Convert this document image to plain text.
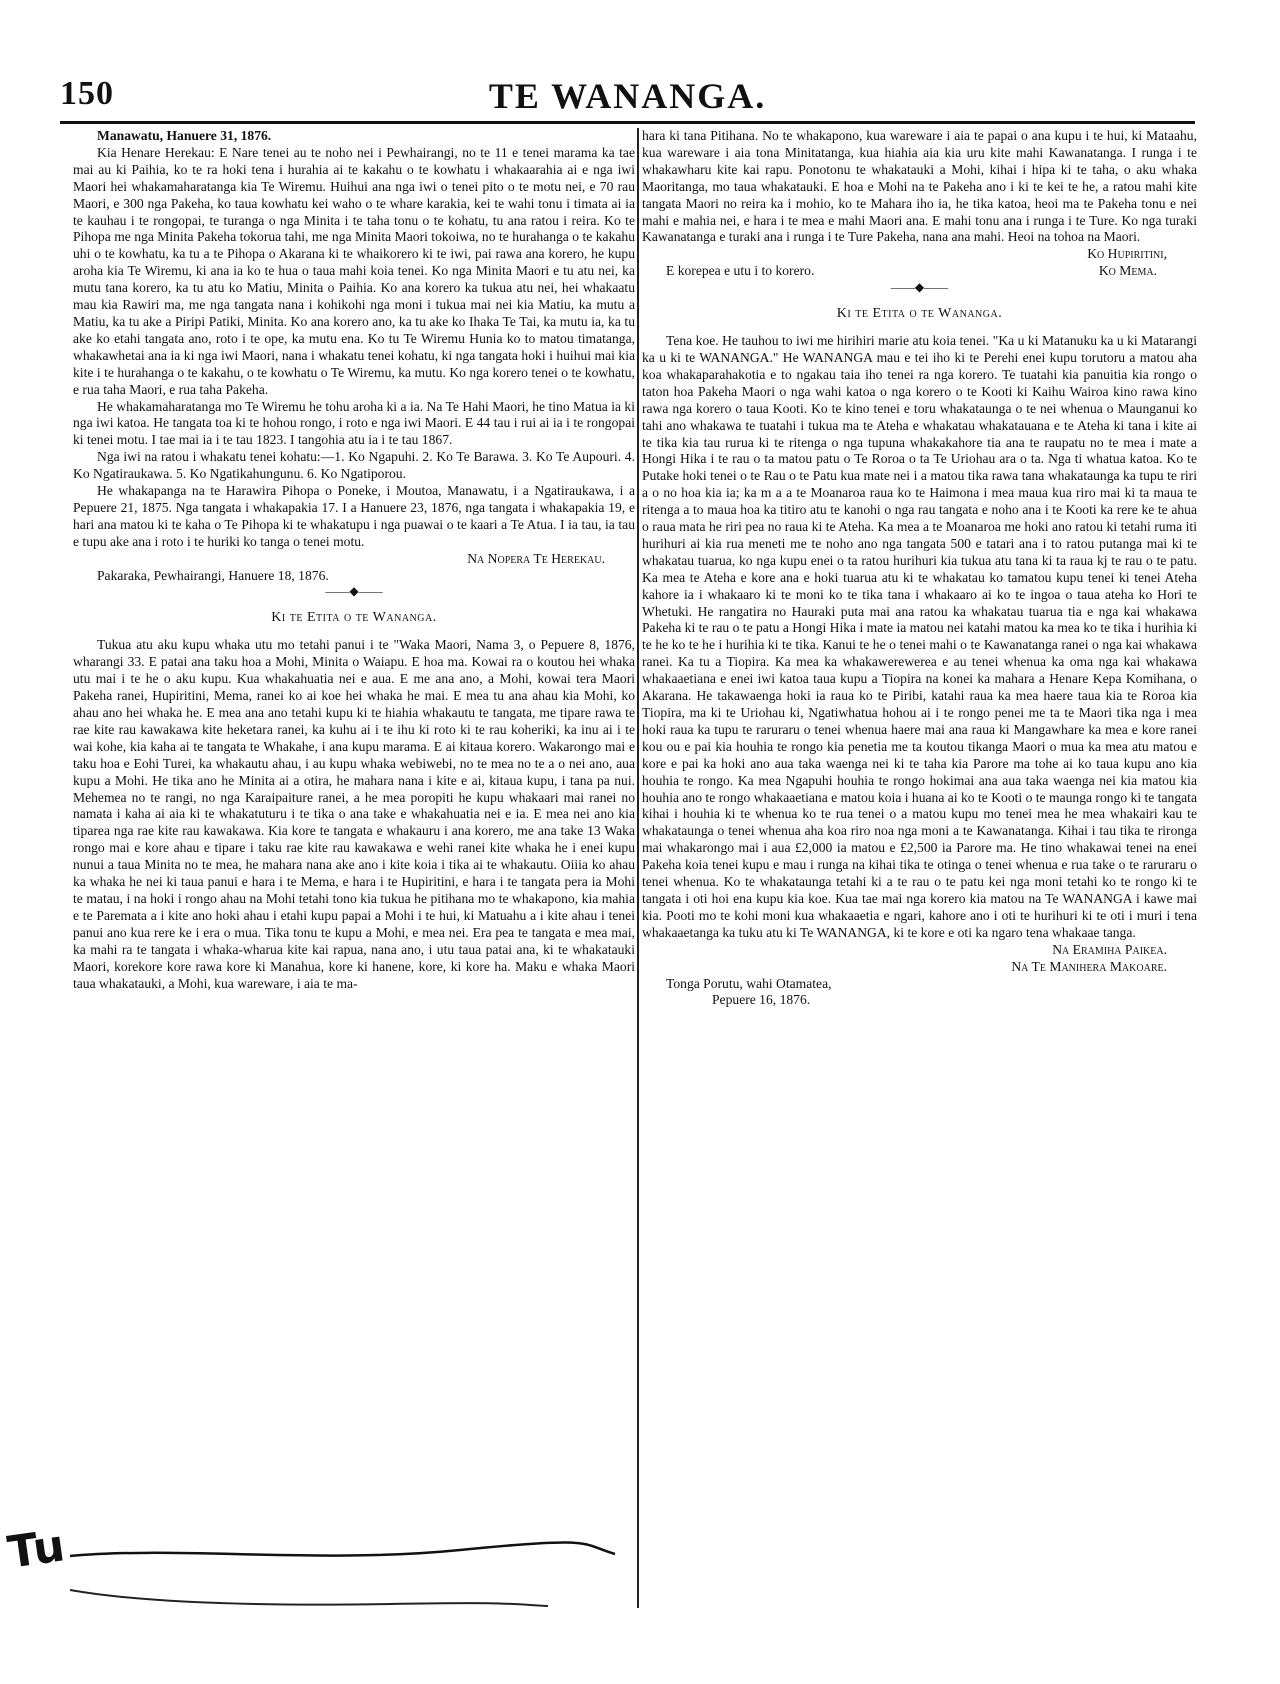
150	TE WANANGA.

Manawatu, Hanuere 31, 1876.

Kia Henare Herekau: E Nare tenei au te noho nei i Pewhairangi, no te 11 e tenei marama ka tae mai au ki Paihia, ko te ra hoki tena i hurahia ai te kakahu o te kowhatu i whakaarahia ai e nga iwi Maori hei whakamaharatanga kia Te Wiremu. Huihui ana nga iwi o tenei pito o te motu nei, e 70 rau Maori, e 300 nga Pakeha, ko taua kowhatu kei waho o te whare karakia, kei te wahi tonu i timata ai ia te kauhau i te rongopai, te turanga o nga Minita i te taha tonu o te kohatu, tu ana ratou i reira. Ko te Pihopa me nga Minita Pakeha tokorua tahi, me nga Minita Maori tokoiwa, no te hurahanga o te kakahu uhi o te kowhatu, ka tu a te Pihopa o Akarana ki te whaikorero ki te iwi, pai rawa ana korero, he kupu aroha kia Te Wiremu, ki ana ia ko te hua o taua mahi koia tenei. Ko nga Minita Maori e tu atu nei, ka mutu tana korero, ka tu atu ko Matiu, Minita o Paihia. Ko ana korero ka tukua atu nei, hei whakaatu mau kia Rawiri ma, me nga tangata nana i kohikohi nga moni i tukua mai nei kia Matiu, ka mutu a Matiu, ka tu ake a Piripi Patiki, Minita. Ko ana korero ano, ka tu ake ko Ihaka Te Tai, ka mutu ia, ka tu ake ko etahi tangata ano, roto i te ope, ka mutu ena. Ko tu Te Wiremu Hunia ko to matou timatanga, whakawhetai ana ia ki nga iwi Maori, nana i whakatu tenei kohatu, ki nga tangata hoki i huihui mai kia kite i te hurahanga o te kakahu, o te kowhatu o Te Wiremu, ka mutu. Ko nga korero tenei o te kowhatu, e rua taha Maori, e rua taha Pakeha.

He whakamaharatanga mo Te Wiremu he tohu aroha ki a ia. Na Te Hahi Maori, he tino Matua ia ki nga iwi katoa. He tangata toa ki te hohou rongo, i roto e nga iwi Maori. E 44 tau i rui ai ia i te rongopai ki tenei motu. I tae mai ia i te tau 1823. I tangohia atu ia i te tau 1867.

Nga iwi na ratou i whakatu tenei kohatu:—1. Ko Ngapuhi. 2. Ko Te Barawa. 3. Ko Te Aupouri. 4. Ko Ngatiraukawa. 5. Ko Ngatikahungunu. 6. Ko Ngatiporou.

He whakapanga na te Harawira Pihopa o Poneke, i Moutoa, Manawatu, i a Ngatiraukawa, i a Pepuere 21, 1875. Nga tangata i whakapakia 17. I a Hanuere 23, 1876, nga tangata i whakapakia 19, e hari ana matou ki te kaha o Te Pihopa ki te whakatupu i nga puawai o te kaari a Te Atua. I ia tau, ia tau e tupu ake ana i roto i te huriki ko tanga o tenei motu.

Na Nopera Te Herekau.

Pakaraka, Pewhairangi, Hanuere 18, 1876.

——◆——

Ki te Etita o te Wananga.

Tukua atu aku kupu whaka utu mo tetahi panui i te "Waka Maori, Nama 3, o Pepuere 8, 1876, wharangi 33. E patai ana taku hoa a Mohi, Minita o Waiapu. E hoa ma. Kowai ra o koutou hei whaka utu mai i te he o aku kupu. Kua whakahuatia nei e aua. E me ana ano, a Mohi, kowai tera Maori Pakeha ranei, Hupiritini, Mema, ranei ko ai koe hei whaka he mai. E mea tu ana ahau kia Mohi, ko ahau ano hei whaka he. E mea ana ano tetahi kupu ki te hiahia whakautu te tangata, me tipare rawa te rae kite rau kawakawa kite heketara ranei, ka kuhu ai i te ihu ki roto ki te rau koheriki, ka inu ai i te wai kohe, kia kaha ai te tangata te Whakahe, i ana kupu marama. E ai kitaua korero. Wakarongo mai e taku hoa e Eohi Turei, ka whakautu ahau, i au kupu whaka webiwebi, no te mea no te a o nei ano, aua kupu a Mohi. He tika ano he Minita ai a otira, he mahara nana i kite e ai, kitaua kupu, i tana pa nui. Mehemea no te rangi, no nga Karaipaiture ranei, a he mea poropiti he kupu whakaari mai ranei no namata i kaha ai aia ki te whakatuturu i te tika o ana take e whakahuatia nei e ia. E mea nei ano kia tiparea nga rae kite rau kawakawa. Kia kore te tangata e whakauru i ana korero, me ana take 13 Waka rongo mai e kore ahau e tipare i taku rae kite rau kawakawa e wehi ranei kite whaka he i enei kupu nunui a taua Minita no te mea, he mahara nana ake ano i kite koia i tika ai te whakautu. Oiiia ko ahau ka whaka he nei ki taua panui e hara i te Mema, e hara i te Hupiritini, e hara i te tangata pera ia Mohi te matau, i na hoki i rongo ahau na Mohi tetahi tono kia tukua he pitihana mo te whakapono, kia mahia e te Paremata a i kite ano hoki ahau i etahi kupu papai a Mohi i te hui, ki Matuahu a i kite ahau i tenei panui ano kua rere ke i era o mua. Tika tonu te kupu a Mohi, e mea nei. Era pea te tangata e mea mai, ka mahi ra te tangata i whaka-wharua kite kai rapua, nana ano, i utu taua patai ana, ki te whakatauki Maori, korekore kore rawa kore ki Manahua, kore ki hanene, kore, ki kore ha. Maku e whaka Maori taua whakatauki, a Mohi, kua wareware, i aia te ma-

hara ki tana Pitihana. No te whakapono, kua wareware i aia te papai o ana kupu i te hui, ki Mataahu, kua wareware i aia tona Minitatanga, kua hiahia aia kia uru kite mahi Kawanatanga. I runga i te whakawharu kite kai rapu. Ponotonu te whakatauki a Mohi, kihai i hipa ki te taha, o aku whaka Maoritanga, mo taua whakatauki. E hoa e Mohi na te Pakeha ano i ki te kei te he, a ratou mahi kite tangata Maori no reira ka i mohio, ko te Mahara iho ia, he tika katoa, heoi ma te Pakeha tonu e nei mahi e mahia nei, e hara i te mea e mahi Maori ana. E mahi tonu ana i runga i te Ture. Ko nga turaki Kawanatanga e turaki ana i runga i te Ture Pakeha, nana ana mahi. Heoi na tohoa na Maori.

Ko Hupiritini,

E korepea e utu i to korero.	Ko Mema.
——◆——

Ki te Etita o te Wananga.

Tena koe. He tauhou to iwi me hirihiri marie atu koia tenei. "Ka u ki Matanuku ka u ki Matarangi ka u ki te WANANGA." He WANANGA mau e tei iho ki te Perehi enei kupu torutoru a matou aha koa whakaparahakotia e to ngakau taia iho tenei ra nga korero. Te tuatahi kia panuitia kia rongo o taton hoa Pakeha Maori o nga wahi katoa o nga korero o te Kooti ki Kaihu Wairoa kino rawa kino rawa nga korero o taua Kooti. Ko te kino tenei e toru whakataunga o te nei whenua o Maunganui ko tahi ano whakawa te tuatahi i tukua ma te Ateha e whakatau whakatauana e te Ateha ki tana i kite ai te tika kia tau rurua ki te ritenga o nga tupuna whakakahore tia ana te raupatu no te mea i mate a Hongi Hika i te rau o ta matou patu o Te Roroa o ta Te Uriohau ara o ta. Nga ti whatua katoa. Ko te Putake hoki tenei o te Rau o te Patu kua mate nei i a matou tika rawa tana whakataunga ka tupu te riri a o no hoa kia ia; ka m a a te Moanaroa raua ko te Haimona i mea maua kua riro mai ki ta maua te ritenga a to maua hoa ka titiro atu te kanohi o nga rau tangata e noho ana i te Kooti ka rere ke te ahua o raua mata he riri pea no raua ki te Ateha. Ka mea a te Moanaroa me hoki ano ratou ki tetahi ruma iti hurihuri ai kia rua meneti me te noho ano nga tangata 500 e tatari ana i to ratou putanga mai ki te whakatau tuarua, ko nga kupu enei o ta ratou hurihuri kia tukua atu tana ki ta raua kj te rau o te patu. Ka mea te Ateha e kore ana e hoki tuarua atu ki te whakatau ko tamatou kupu tenei ki tenei Ateha kahore ia i whakaaro ki te moni ko te tika tana i whakaaro ai ko te ingoa o taua ateha ko Hori te Whetuki. He rangatira no Hauraki puta mai ana ratou ka whakatau tuarua tia e nga kai whakawa Pakeha ki te rau o te patu a Hongi Hika i mate ia matou nei katahi matou ka mea ko te tika i hurihia ki te he ko te he i hurihia ki te tika. Kanui te he o tenei mahi o te Kawanatanga ranei o nga kai whakawa ranei. Ka tu a Tiopira. Ka mea ka whakawerewerea e au tenei whenua ka oma nga kai whakawa whakaaetiana e enei iwi katoa taua kupu a Tiopira na konei ka mahara a Henare Kepa Komihana, o Akarana. He takawaenga hoki ia raua ko te Piribi, katahi raua ka mea haere taua kia te Roroa kia Tiopira, ma ki te Uriohau ki, Ngatiwhatua hohou ai i te rongo penei me ta te Maori tika nga i mea hoki raua ka tupu te raruraru o tenei whenua haere mai ana raua ki Mangawhare ka mea e kore ranei kou ou e pai kia houhia te rongo kia penetia me ta koutou tikanga Maori o mua ka mea atu matou e kore e pai ka hoki ano aua taka waenga nei ki te taha kia Parore ma tohe ai ko taua kupu ano kia houhia te rongo. Ka mea Ngapuhi houhia te rongo hokimai ana aua taka waenga nei kia matou kia houhia ano te rongo whakaaetiana e matou koia i huana ai ko te Kooti o te maunga rongo ki te tangata kihai i houhia ki te whenua ko te rua tenei o a matou kupu mo tenei mea he mea whakairi kau te whakataunga o tenei whenua aha koa riro noa nga moni a te Kawanatanga. Kihai i tau tika te rironga mai whakarongo mai i aua £2,000 ia matou e £2,500 ia Parore ma. He tino whakawai tenei na enei Pakeha koia tenei kupu e mau i runga na kihai tika te otinga o tenei whenua e rua take o te raruraru o tenei whenua. Ko te whakataunga tetahi ki a te rau o te patu kei nga moni tetahi ko te rongo ki te tangata i oti hoi ena kupu kia koe. Kua tae mai nga korero kia matou na Te WANANGA i kawe mai kia. Pooti mo te kohi moni kua whakaaetia e ngari, kahore ano i oti te hurihuri ki te oti i muri i tena whakaaetanga ka tuku atu ki Te WANANGA, ki te kore e oti ka ngaro tena whakaae tanga.

Na Eramiha Paikea.

Na Te Manihera Makoare.

Tonga Porutu, wahi Otamatea,

Pepuere 16, 1876.

Tu
